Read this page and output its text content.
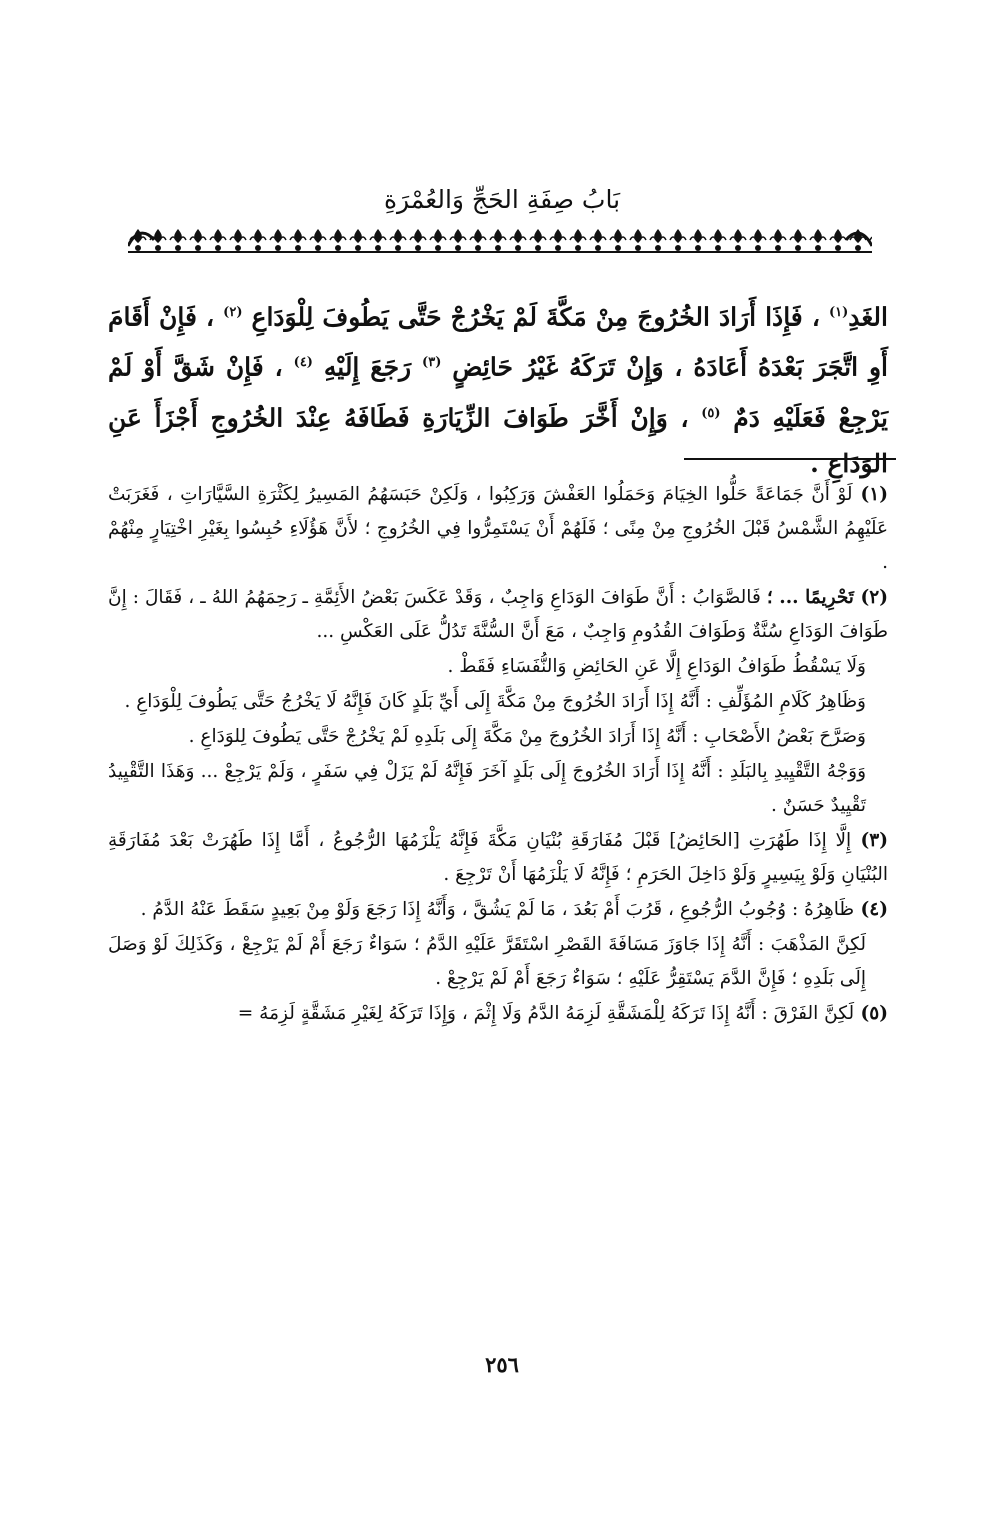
بَابُ صِفَةِ الحَجِّ وَالعُمْرَةِ

الغَدِ$^{(١)}$ ، فَإِذَا أَرَادَ الخُرُوجَ مِنْ مَكَّةَ لَمْ يَخْرُجْ حَتَّى يَطُوفَ لِلْوَدَاعِ $^{(٢)}$ ، فَإِنْ أَقَامَ أَوِ اتَّجَرَ بَعْدَهُ أَعَادَهُ ، وَإِنْ تَرَكَهُ غَيْرُ حَائِضٍ $^{(٣)}$ رَجَعَ إِلَيْهِ $^{(٤)}$ ، فَإِنْ شَقَّ أَوْ لَمْ يَرْجِعْ فَعَلَيْهِ دَمٌ $^{(٥)}$ ، وَإِنْ أَخَّرَ طَوَافَ الزِّيَارَةِ فَطَافَهُ عِنْدَ الخُرُوجِ أَجْزَأَ عَنِ الوَدَاعِ .

( ١ ) لَوْ أَنَّ جَمَاعَةً حَلُّوا الخِيَامَ وَحَمَلُوا العَفْشَ وَرَكِبُوا ، وَلَكِنْ حَبَسَهُمُ المَسِيرُ لِكَثْرَةِ السَّيَّارَاتِ ، فَغَرَبَتْ عَلَيْهِمُ الشَّمْسُ قَبْلَ الخُرُوجِ مِنْ مِنًى ؛ فَلَهُمْ أَنْ يَسْتَمِرُّوا فِي الخُرُوجِ ؛ لأَنَّ هَؤُلَاءِ حُبِسُوا بِغَيْرِ اخْتِيَارٍ مِنْهُمْ .

( ٢ ) تَحْرِيمًا ... ؛ فَالصَّوَابُ : أَنَّ طَوَافَ الوَدَاعِ وَاجِبٌ ، وَقَدْ عَكَسَ بَعْضُ الأَئِمَّةِ ـ رَحِمَهُمُ اللهُ ـ ، فَقَالَ : إِنَّ طَوَافَ الوَدَاعِ سُنَّةٌ وَطَوَافَ القُدُومِ وَاجِبٌ ، مَعَ أَنَّ السُّنَّةَ تَدُلُّ عَلَى العَكْسِ ...

وَلَا يَسْقُطُ طَوَافُ الوَدَاعِ إِلَّا عَنِ الحَائِضِ وَالنُّفَسَاءِ فَقَطْ .

وَظَاهِرُ كَلَامِ المُؤَلِّفِ : أَنَّهُ إِذَا أَرَادَ الخُرُوجَ مِنْ مَكَّةَ إِلَى أَيِّ بَلَدٍ كَانَ فَإِنَّهُ لَا يَخْرُجُ حَتَّى يَطُوفَ لِلْوَدَاعِ .

وَصَرَّحَ بَعْضُ الأَصْحَابِ : أَنَّهُ إِذَا أَرَادَ الخُرُوجَ مِنْ مَكَّةَ إِلَى بَلَدِهِ لَمْ يَخْرُجْ حَتَّى يَطُوفَ لِلوَدَاعِ .

وَوَجْهُ التَّقْيِيدِ بِالبَلَدِ : أَنَّهُ إِذَا أَرَادَ الخُرُوجَ إِلَى بَلَدٍ آخَرَ فَإِنَّهُ لَمْ يَزَلْ فِي سَفَرٍ ، وَلَمْ يَرْجِعْ ... وَهَذَا التَّقْيِيدُ تَقْيِيدٌ حَسَنٌ .

( ٣ ) إِلَّا إِذَا طَهُرَتِ [الحَائِضُ] قَبْلَ مُفَارَقَةِ بُنْيَانِ مَكَّةَ فَإِنَّهُ يَلْزَمُهَا الرُّجُوعُ ، أَمَّا إِذَا طَهُرَتْ بَعْدَ مُفَارَقَةِ البُنْيَانِ وَلَوْ بِيَسِيرٍ وَلَوْ دَاخِلَ الحَرَمِ ؛ فَإِنَّهُ لَا يَلْزَمُهَا أَنْ تَرْجِعَ .

( ٤ ) ظَاهِرُهُ : وُجُوبُ الرُّجُوعِ ، قَرُبَ أَمْ بَعُدَ ، مَا لَمْ يَشُقَّ ، وَأَنَّهُ إِذَا رَجَعَ وَلَوْ مِنْ بَعِيدٍ سَقَطَ عَنْهُ الدَّمُ .

لَكِنَّ المَذْهَبَ : أَنَّهُ إِذَا جَاوَزَ مَسَافَةَ القَصْرِ اسْتَقَرَّ عَلَيْهِ الدَّمُ ؛ سَوَاءٌ رَجَعَ أَمْ لَمْ يَرْجِعْ ، وَكَذَلِكَ لَوْ وَصَلَ إِلَى بَلَدِهِ ؛ فَإِنَّ الدَّمَ يَسْتَقِرُّ عَلَيْهِ ؛ سَوَاءٌ رَجَعَ أَمْ لَمْ يَرْجِعْ .

( ٥ ) لَكِنَّ الفَرْقَ : أَنَّهُ إِذَا تَرَكَهُ لِلْمَشَقَّةِ لَزِمَهُ الدَّمُ وَلَا إِثْمَ ، وَإِذَا تَرَكَهُ لِغَيْرِ مَشَقَّةٍ لَزِمَهُ =

٢٥٦
